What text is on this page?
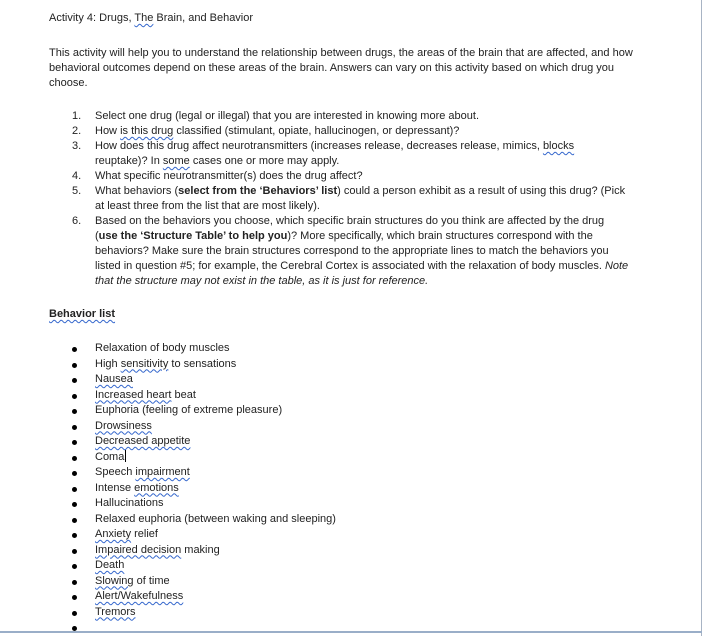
Activity 4: Drugs, The Brain, and Behavior
This activity will help you to understand the relationship between drugs, the areas of the brain that are affected, and how behavioral outcomes depend on these areas of the brain. Answers can vary on this activity based on which drug you choose.
1. Select one drug (legal or illegal) that you are interested in knowing more about.
2. How is this drug classified (stimulant, opiate, hallucinogen, or depressant)?
3. How does this drug affect neurotransmitters (increases release, decreases release, mimics, blocks reuptake)? In some cases one or more may apply.
4. What specific neurotransmitter(s) does the drug affect?
5. What behaviors (select from the ‘Behaviors’ list) could a person exhibit as a result of using this drug? (Pick at least three from the list that are most likely).
6. Based on the behaviors you choose, which specific brain structures do you think are affected by the drug (use the ‘Structure Table’ to help you)? More specifically, which brain structures correspond with the behaviors? Make sure the brain structures correspond to the appropriate lines to match the behaviors you listed in question #5; for example, the Cerebral Cortex is associated with the relaxation of body muscles. Note that the structure may not exist in the table, as it is just for reference.
Behavior list
Relaxation of body muscles
High sensitivity to sensations
Nausea
Increased heart beat
Euphoria (feeling of extreme pleasure)
Drowsiness
Decreased appetite
Coma
Speech impairment
Intense emotions
Hallucinations
Relaxed euphoria (between waking and sleeping)
Anxiety relief
Impaired decision making
Death
Slowing of time
Alert/Wakefulness
Tremors
